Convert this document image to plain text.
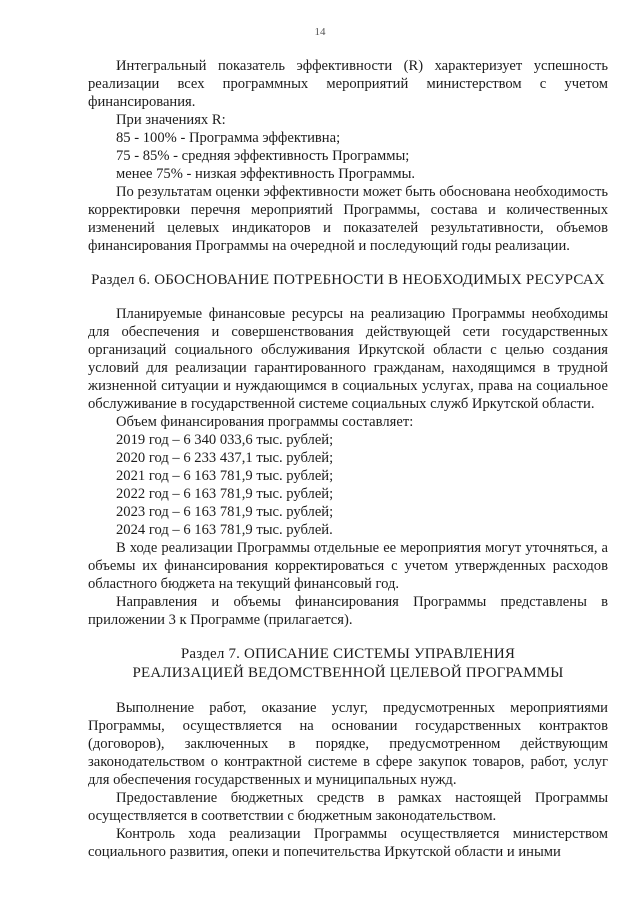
14

Интегральный показатель эффективности (R) характеризует успешность реализации всех программных мероприятий министерством с учетом финансирования.

При значениях R:

85 - 100% - Программа эффективна;
75 - 85% - средняя эффективность Программы;
менее 75% - низкая эффективность Программы.

По результатам оценки эффективности может быть обоснована необходимость корректировки перечня мероприятий Программы, состава и количественных изменений целевых индикаторов и показателей результативности, объемов финансирования Программы на очередной и последующий годы реализации.

Раздел 6. ОБОСНОВАНИЕ ПОТРЕБНОСТИ В НЕОБХОДИМЫХ РЕСУРСАХ

Планируемые финансовые ресурсы на реализацию Программы необходимы для обеспечения и совершенствования действующей сети государственных организаций социального обслуживания Иркутской области с целью создания условий для реализации гарантированного гражданам, находящимся в трудной жизненной ситуации и нуждающимся в социальных услугах, права на социальное обслуживание в государственной системе социальных служб Иркутской области.

Объем финансирования программы составляет:

2019 год – 6 340 033,6 тыс. рублей;
2020 год – 6 233 437,1 тыс. рублей;
2021 год – 6 163 781,9 тыс. рублей;
2022 год – 6 163 781,9 тыс. рублей;
2023 год – 6 163 781,9 тыс. рублей;
2024 год – 6 163 781,9 тыс. рублей.

В ходе реализации Программы отдельные ее мероприятия могут уточняться, а объемы их финансирования корректироваться с учетом утвержденных расходов областного бюджета на текущий финансовый год.

Направления и объемы финансирования Программы представлены в приложении 3 к Программе (прилагается).

Раздел 7. ОПИСАНИЕ СИСТЕМЫ УПРАВЛЕНИЯ
РЕАЛИЗАЦИЕЙ ВЕДОМСТВЕННОЙ ЦЕЛЕВОЙ ПРОГРАММЫ

Выполнение работ, оказание услуг, предусмотренных мероприятиями Программы, осуществляется на основании государственных контрактов (договоров), заключенных в порядке, предусмотренном действующим законодательством о контрактной системе в сфере закупок товаров, работ, услуг для обеспечения государственных и муниципальных нужд.

Предоставление бюджетных средств в рамках настоящей Программы осуществляется в соответствии с бюджетным законодательством.

Контроль хода реализации Программы осуществляется министерством социального развития, опеки и попечительства Иркутской области и иными
